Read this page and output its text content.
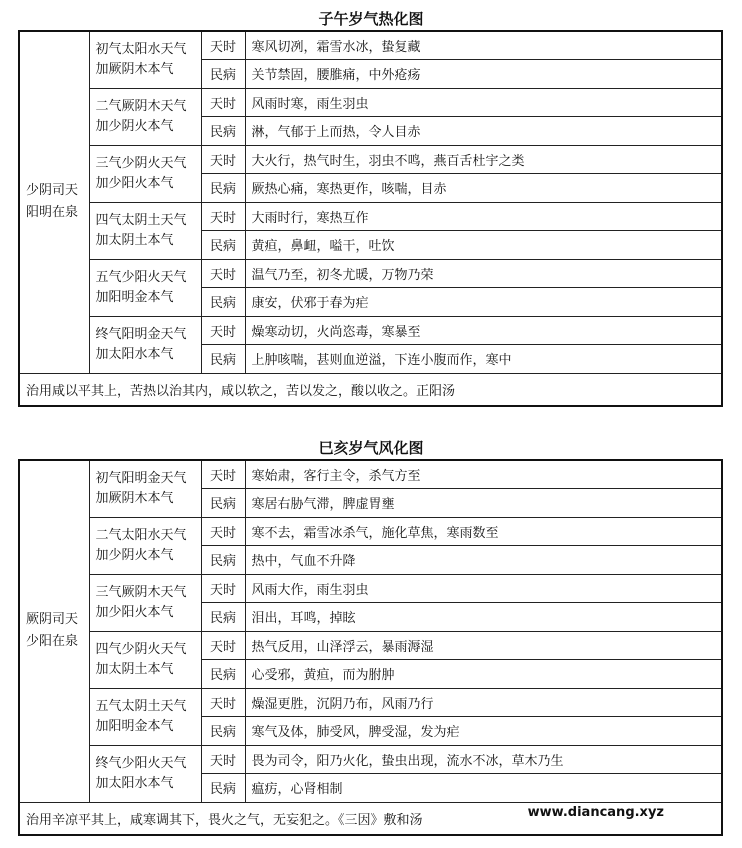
子午岁气热化图
少阴司天
阳明在泉	初气太阳水天气
加厥阴木本气	天时	寒风切冽，霜雪水冰，蛰复藏
		民病	关节禁固，腰脽痛，中外疮疡
	二气厥阴木天气
加少阴火本气	天时	风雨时寒，雨生羽虫
		民病	淋，气郁于上而热，令人目赤
	三气少阴火天气
加少阳火本气	天时	大火行，热气时生，羽虫不鸣，燕百舌杜宇之类
		民病	厥热心痛，寒热更作，咳喘，目赤
	四气太阴土天气
加太阴土本气	天时	大雨时行，寒热互作
		民病	黄疸，鼻衄，嗌干，吐饮
	五气少阳火天气
加阳明金本气	天时	温气乃至，初冬尤暖，万物乃荣
		民病	康安，伏邪于春为疟
	终气阳明金天气
加太阳水本气	天时	燥寒动切，火尚恣毒，寒暴至
		民病	上肿咳喘，甚则血逆溢，下连小腹而作，寒中
治用咸以平其上，苦热以治其内，咸以软之，苦以发之，酸以收之。正阳汤			
巳亥岁气风化图
厥阴司天
少阳在泉	初气阳明金天气
加厥阴木本气	天时	寒始肃，客行主令，杀气方至
		民病	寒居右胁气滞，脾虚胃壅
	二气太阳水天气
加少阴火本气	天时	寒不去，霜雪冰杀气，施化草焦，寒雨数至
		民病	热中，气血不升降
	三气厥阴木天气
加少阳火本气	天时	风雨大作，雨生羽虫
		民病	泪出，耳鸣，掉眩
	四气少阴火天气
加太阴土本气	天时	热气反用，山泽浮云，暴雨溽湿
		民病	心受邪，黄疸，而为胕肿
	五气太阴土天气
加阳明金本气	天时	燥湿更胜，沉阴乃布，风雨乃行
		民病	寒气及体，肺受风，脾受湿，发为疟
	终气少阳火天气
加太阳水本气	天时	畏为司令，阳乃火化，蛰虫出现，流水不冰，草木乃生
		民病	瘟疠，心肾相制
治用辛凉平其上，咸寒调其下，畏火之气，无妄犯之。《三因》敷和汤			
www.diancang.xyz
